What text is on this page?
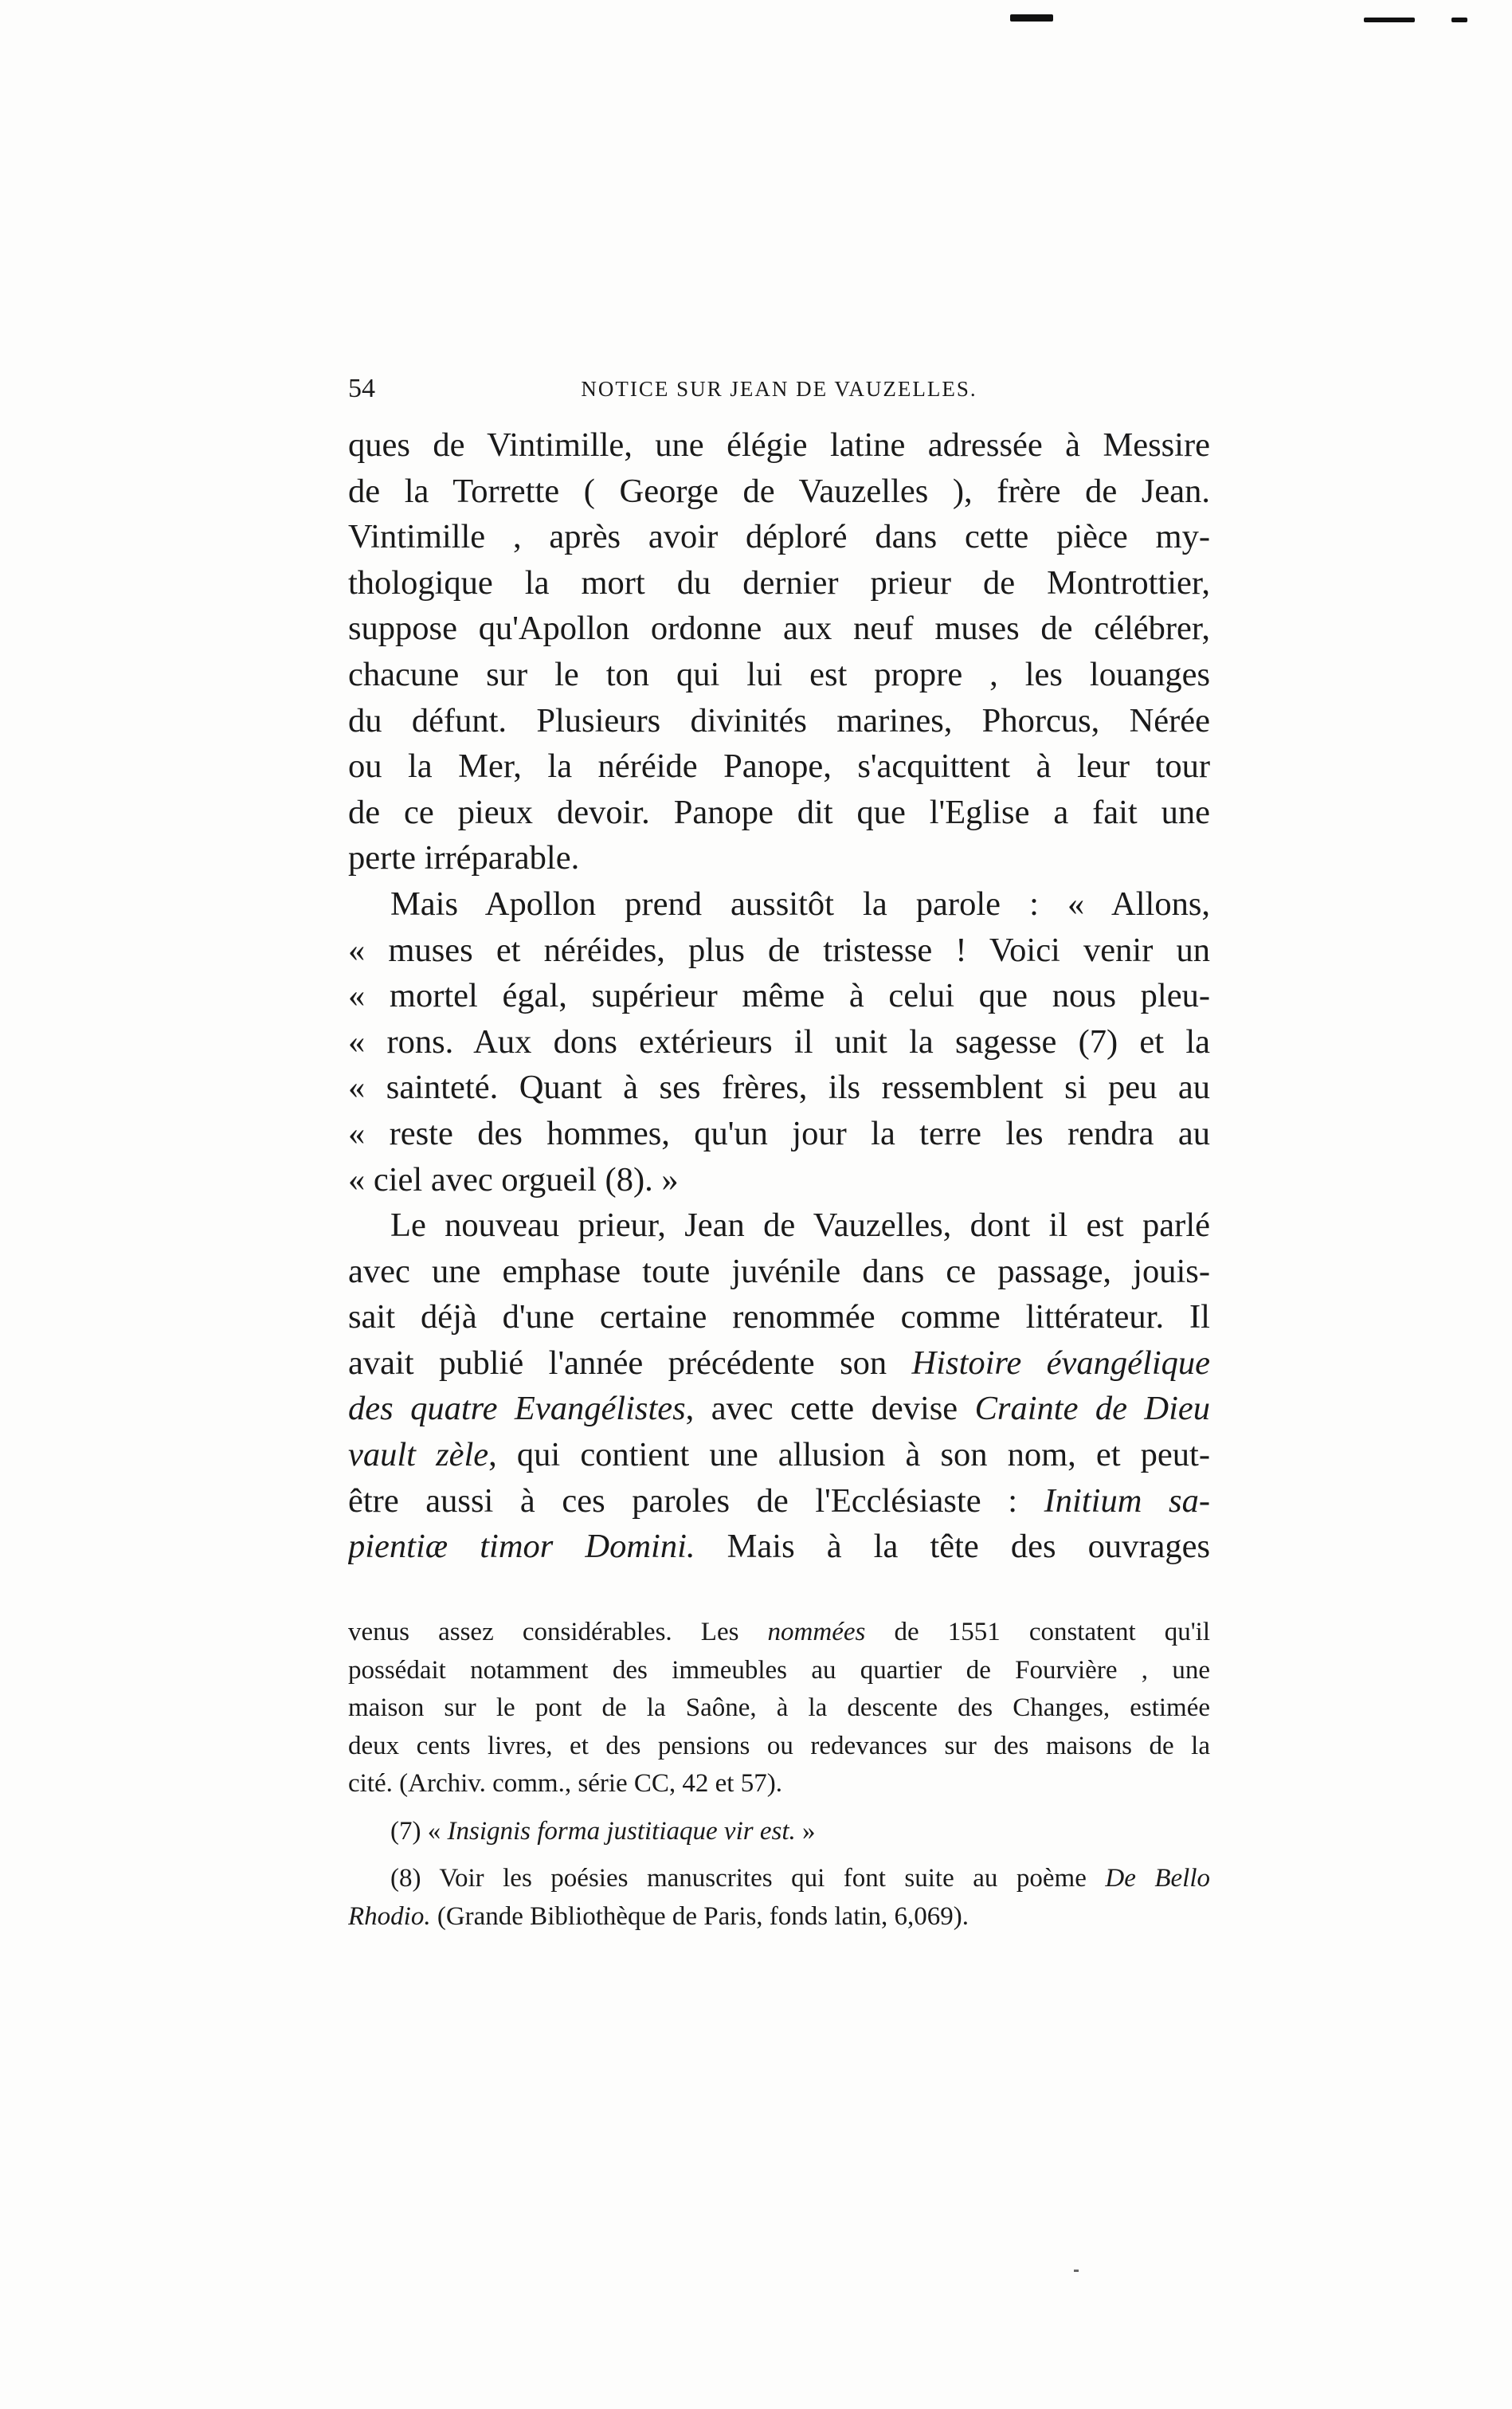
54	NOTICE SUR JEAN DE VAUZELLES.
ques de Vintimille, une élégie latine adressée à Messire
de la Torrette ( George de Vauzelles ), frère de Jean.
Vintimille , après avoir déploré dans cette pièce my-
thologique la mort du dernier prieur de Montrottier,
suppose qu'Apollon ordonne aux neuf muses de célébrer,
chacune sur le ton qui lui est propre , les louanges
du défunt. Plusieurs divinités marines, Phorcus, Nérée
ou la Mer, la néréide Panope, s'acquittent à leur tour
de ce pieux devoir. Panope dit que l'Eglise a fait une
perte irréparable.
Mais Apollon prend aussitôt la parole : « Allons,
« muses et néréides, plus de tristesse ! Voici venir un
« mortel égal, supérieur même à celui que nous pleu-
« rons. Aux dons extérieurs il unit la sagesse (7) et la
« sainteté. Quant à ses frères, ils ressemblent si peu au
« reste des hommes, qu'un jour la terre les rendra au
« ciel avec orgueil (8). »
Le nouveau prieur, Jean de Vauzelles, dont il est parlé
avec une emphase toute juvénile dans ce passage, jouis-
sait déjà d'une certaine renommée comme littérateur. Il
avait publié l'année précédente son Histoire évangélique
des quatre Evangélistes, avec cette devise Crainte de Dieu
vault zèle, qui contient une allusion à son nom, et peut-
être aussi à ces paroles de l'Ecclésiaste : Initium sa-
pientiæ timor Domini. Mais à la tête des ouvrages
venus assez considérables. Les nommées de 1551 constatent qu'il
possédait notamment des immeubles au quartier de Fourvière , une
maison sur le pont de la Saône, à la descente des Changes, estimée
deux cents livres, et des pensions ou redevances sur des maisons de la
cité. (Archiv. comm., série CC, 42 et 57).
(7) « Insignis forma justitiaque vir est. »
(8) Voir les poésies manuscrites qui font suite au poème De Bello
Rhodio. (Grande Bibliothèque de Paris, fonds latin, 6,069).
